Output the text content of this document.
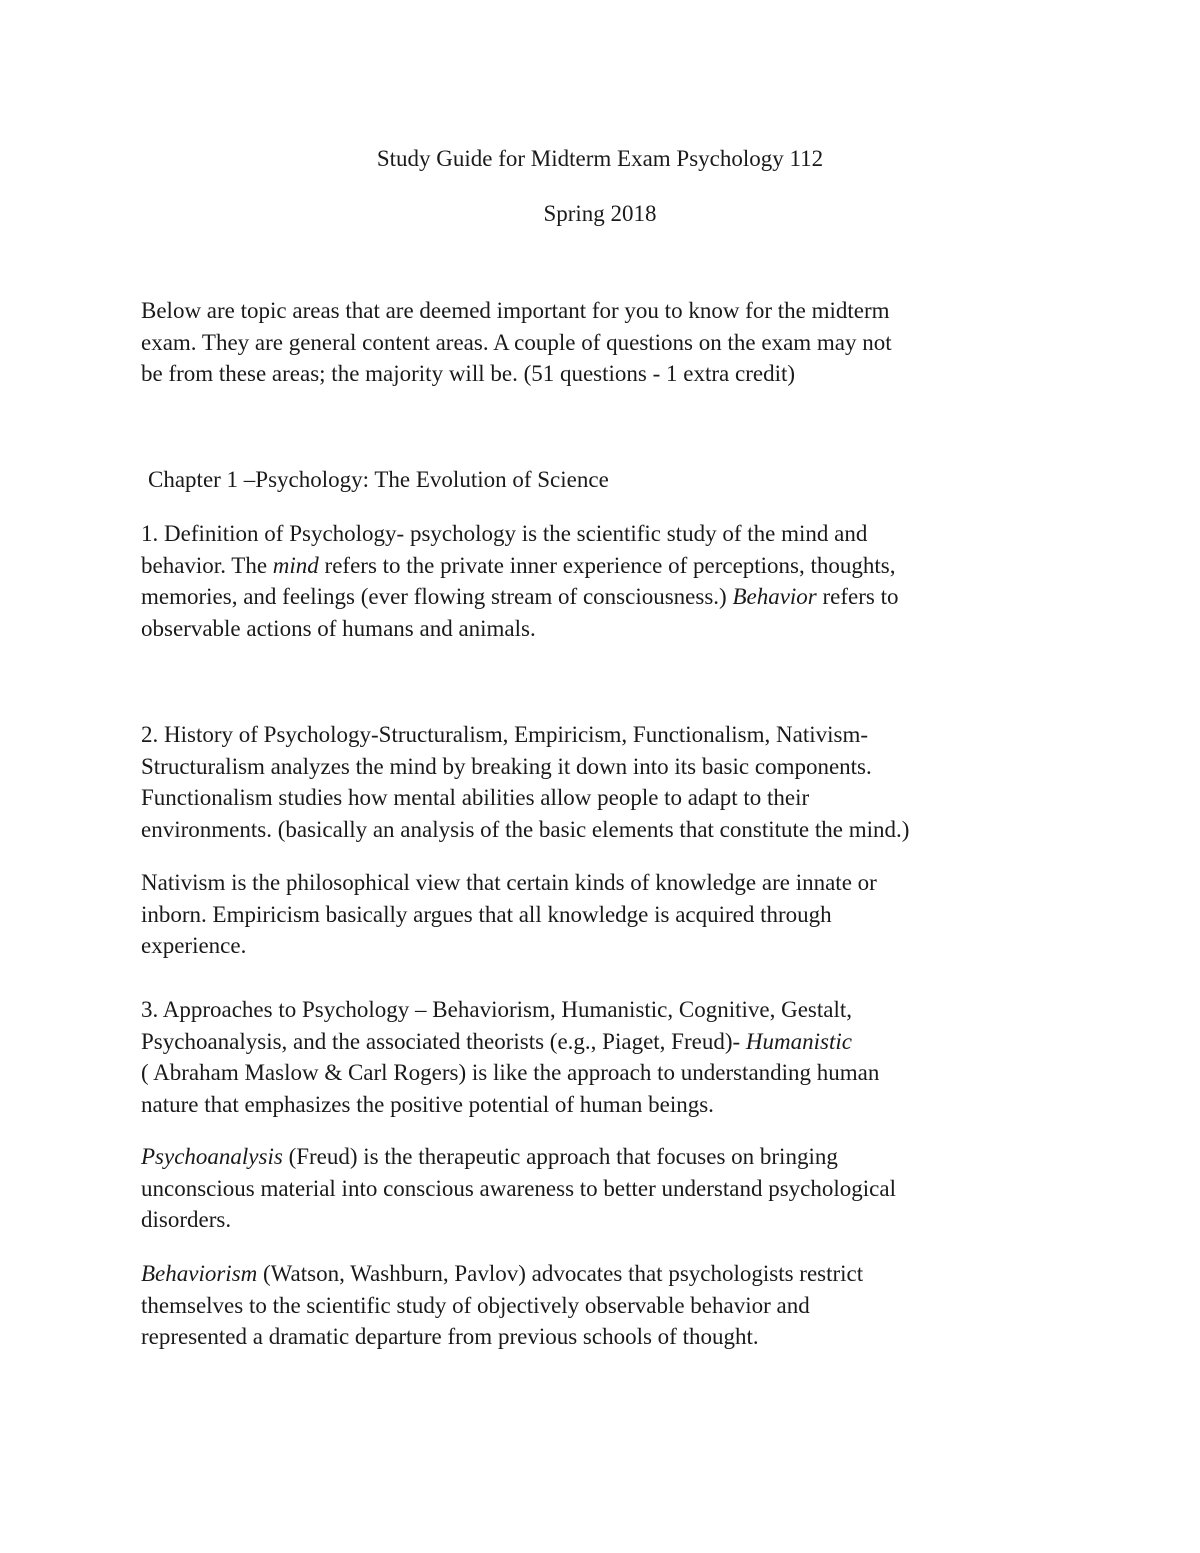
Study Guide for Midterm Exam Psychology 112

Spring 2018

Below are topic areas that are deemed important for you to know for the midterm
exam. They are general content areas. A couple of questions on the exam may not
be from these areas; the majority will be. (51 questions - 1 extra credit)

Chapter 1 –Psychology: The Evolution of Science

1. Definition of Psychology- psychology is the scientific study of the mind and
behavior. The mind refers to the private inner experience of perceptions, thoughts,
memories, and feelings (ever flowing stream of consciousness.) Behavior refers to
observable actions of humans and animals.

2. History of Psychology-Structuralism, Empiricism, Functionalism, Nativism-
Structuralism analyzes the mind by breaking it down into its basic components.
Functionalism studies how mental abilities allow people to adapt to their
environments. (basically an analysis of the basic elements that constitute the mind.)

Nativism is the philosophical view that certain kinds of knowledge are innate or
inborn. Empiricism basically argues that all knowledge is acquired through
experience.

3. Approaches to Psychology – Behaviorism, Humanistic, Cognitive, Gestalt,
Psychoanalysis, and the associated theorists (e.g., Piaget, Freud)- Humanistic
( Abraham Maslow & Carl Rogers) is like the approach to understanding human
nature that emphasizes the positive potential of human beings.

Psychoanalysis (Freud) is the therapeutic approach that focuses on bringing
unconscious material into conscious awareness to better understand psychological
disorders.

Behaviorism (Watson, Washburn, Pavlov) advocates that psychologists restrict
themselves to the scientific study of objectively observable behavior and
represented a dramatic departure from previous schools of thought.
